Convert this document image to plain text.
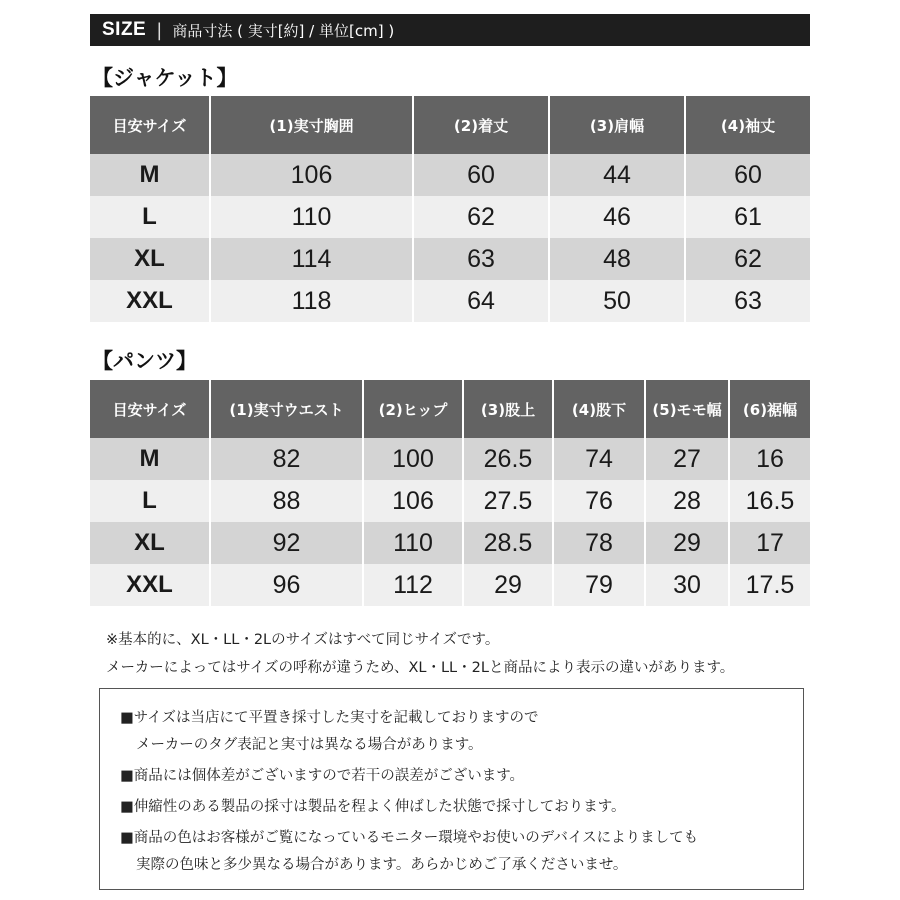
SIZE | 商品寸法 ( 実寸[約] / 単位[cm] )
【ジャケット】
目安サイズ	(1)実寸胸囲	(2)着丈	(3)肩幅	(4)袖丈
M	106	60	44	60
L	110	62	46	61
XL	114	63	48	62
XXL	118	64	50	63
【パンツ】
目安サイズ	(1)実寸ウエスト	(2)ヒップ	(3)股上	(4)股下	(5)モモ幅	(6)裾幅
M	82	100	26.5	74	27	16
L	88	106	27.5	76	28	16.5
XL	92	110	28.5	78	29	17
XXL	96	112	29	79	30	17.5
※基本的に、XL・LL・2Lのサイズはすべて同じサイズです。
メーカーによってはサイズの呼称が違うため、XL・LL・2Lと商品により表示の違いがあります。
■サイズは当店にて平置き採寸した実寸を記載しておりますので
メーカーのタグ表記と実寸は異なる場合があります。
■商品には個体差がございますので若干の誤差がございます。
■伸縮性のある製品の採寸は製品を程よく伸ばした状態で採寸しております。
■商品の色はお客様がご覧になっているモニター環境やお使いのデバイスによりましても
実際の色味と多少異なる場合があります。あらかじめご了承くださいませ。
